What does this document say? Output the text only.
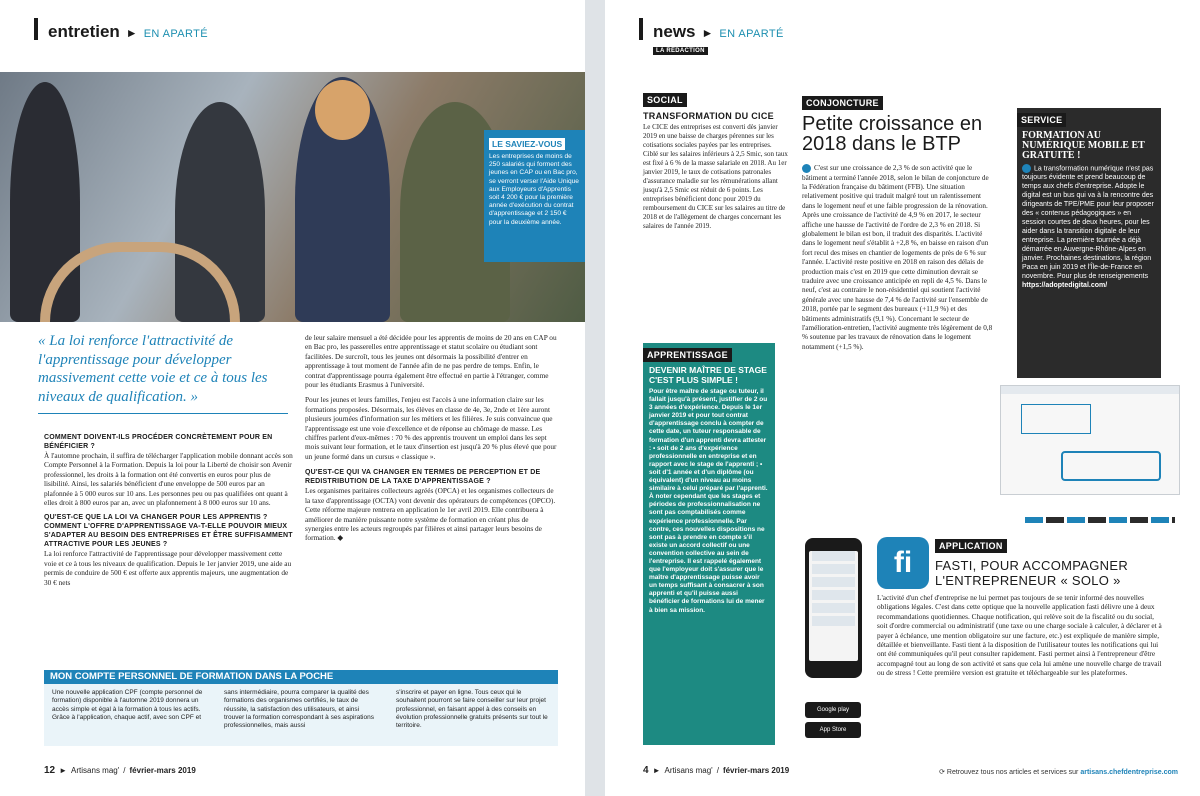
entretien ► EN APARTÉ
LE SAVIEZ-VOUS

Les entreprises de moins de 250 salariés qui forment des jeunes en CAP ou en Bac pro, se verront verser l'Aide Unique aux Employeurs d'Apprentis soit 4 200 € pour la première année d'exécution du contrat d'apprentissage et 2 150 € pour la deuxième année.

« La loi renforce l'attractivité de l'apprentissage pour développer massivement cette voie et ce à tous les niveaux de qualification. »

COMMENT DOIVENT-ILS PROCÉDER CONCRÈTEMENT POUR EN BÉNÉFICIER ?

À l'automne prochain, il suffira de télécharger l'application mobile donnant accès son Compte Personnel à la Formation. Depuis la loi pour la Liberté de choisir son Avenir professionnel, les droits à la formation ont été convertis en euros pour plus de lisibilité. Ainsi, les salariés bénéficient d'une enveloppe de 500 euros par an plafonnée à 5 000 euros sur 10 ans. Les personnes peu ou pas qualifiées ont quant à elles droit à 800 euros par an, avec un plafonnement à 8 000 euros sur 10 ans.

QU'EST-CE QUE LA LOI VA CHANGER POUR LES APPRENTIS ? COMMENT L'OFFRE D'APPRENTISSAGE VA-T-ELLE POUVOIR MIEUX S'ADAPTER AU BESOIN DES ENTREPRISES ET ÊTRE SUFFISAMMENT ATTRACTIVE POUR LES JEUNES ?

La loi renforce l'attractivité de l'apprentissage pour développer massivement cette voie et ce à tous les niveaux de qualification. Depuis le 1er janvier 2019, une aide au permis de conduire de 500 € est offerte aux apprentis majeurs, une augmentation de 30 € nets

de leur salaire mensuel a été décidée pour les apprentis de moins de 20 ans en CAP ou en Bac pro, les passerelles entre apprentissage et statut scolaire ou étudiant sont facilitées. De surcroît, tous les jeunes ont désormais la possibilité d'entrer en apprentissage à tout moment de l'année afin de ne pas perdre de temps. Enfin, le contrat d'apprentissage pourra également être effectué en partie à l'étranger, comme pour les étudiants Erasmus à l'université.

Pour les jeunes et leurs familles, l'enjeu est l'accès à une information claire sur les formations proposées. Désormais, les élèves en classe de 4e, 3e, 2nde et 1ère auront plusieurs journées d'information sur les métiers et les filières. Je suis convaincue que l'apprentissage est une voie d'excellence et de réponse au chômage de masse. Les chiffres parlent d'eux-mêmes : 70 % des apprentis trouvent un emploi dans les sept mois suivant leur formation, et le taux d'insertion est jusqu'à 20 % plus élevé que pour un jeune formé dans un cursus « classique ».

QU'EST-CE QUI VA CHANGER EN TERMES DE PERCEPTION ET DE REDISTRIBUTION DE LA TAXE D'APPRENTISSAGE ?

Les organismes paritaires collecteurs agréés (OPCA) et les organismes collecteurs de la taxe d'apprentissage (OCTA) vont devenir des opérateurs de compétences (OPCO). Cette réforme majeure rentrera en application le 1er avril 2019. Elle contribuera à améliorer de manière puissante notre système de formation en créant plus de synergies entre les acteurs regroupés par filières et ainsi partager leurs besoins de formation. ◆

Une nouvelle application CPF (compte personnel de formation) disponible à l'automne 2019 donnera un accès simple et égal à la formation à tous les actifs. Grâce à l'application, chaque actif, avec son CPF et

sans intermédiaire, pourra comparer la qualité des formations des organismes certifiés, le taux de réussite, la satisfaction des utilisateurs, et ainsi trouver la formation correspondant à ses aspirations professionnelles, mais aussi

s'inscrire et payer en ligne. Tous ceux qui le souhaitent pourront se faire conseiller sur leur projet professionnel, en faisant appel à des conseils en évolution professionnelle gratuits présents sur tout le territoire.

MON COMPTE PERSONNEL DE FORMATION DANS LA POCHE
12 ► Artisans mag' / février-mars 2019
news ► EN APARTÉ
LA RÉDACTION
SOCIAL
TRANSFORMATION DU CICE

Le CICE des entreprises est converti dès janvier 2019 en une baisse de charges pérennes sur les cotisations sociales payées par les entreprises. Ciblé sur les salaires inférieurs à 2,5 Smic, son taux est fixé à 6 % de la masse salariale en 2018. Au 1er janvier 2019, le taux de cotisations patronales d'assurance maladie sur les rémunérations allant jusqu'à 2,5 Smic est réduit de 6 points. Les entreprises bénéficient donc pour 2019 du remboursement du CICE sur les salaires au titre de 2018 et de l'allègement de charges concernant les salaires de l'année 2019.

APPRENTISSAGE
DEVENIR MAÎTRE DE STAGE C'EST PLUS SIMPLE !

Pour être maître de stage ou tuteur, il fallait jusqu'à présent, justifier de 2 ou 3 années d'expérience. Depuis le 1er janvier 2019 et pour tout contrat d'apprentissage conclu à compter de cette date, un tuteur responsable de formation d'un apprenti devra attester : • soit de 2 ans d'expérience professionnelle en entreprise et en rapport avec le stage de l'apprenti ; • soit d'1 année et d'un diplôme (ou équivalent) d'un niveau au moins similaire à celui préparé par l'apprenti. À noter cependant que les stages et périodes de professionnalisation ne sont pas comptabilisés comme expérience professionnelle. Par contre, ces nouvelles dispositions ne sont pas à prendre en compte s'il existe un accord collectif ou une convention collective au sein de l'entreprise. Il est rappelé également que l'employeur doit s'assurer que le maître d'apprentissage puisse avoir un temps suffisant à consacrer à son apprenti et qu'il puisse aussi bénéficier de formations lui de mener à bien sa mission.

CONJONCTURE
Petite croissance en 2018 dans le BTP

C'est sur une croissance de 2,3 % de son activité que le bâtiment a terminé l'année 2018, selon le bilan de conjoncture de la Fédération française du bâtiment (FFB). Une situation relativement positive qui traduit malgré tout un ralentissement dans le logement neuf et une faible progression de la rénovation. Après une croissance de l'activité de 4,9 % en 2017, le secteur affiche une hausse de l'activité de l'ordre de 2,3 % en 2018. Si globalement le bilan est bon, il traduit des disparités. L'activité dans le logement neuf s'établit à +2,8 %, en baisse en raison d'un fort recul des mises en chantier de logements de près de 6 % sur l'année. L'activité reste positive en 2018 en raison des délais de production mais c'est en 2019 que cette diminution devrait se traduire avec une croissance anticipée en repli de 4,5 %. Dans le neuf, c'est au contraire le non-résidentiel qui soutient l'activité générale avec une hausse de 7,4 % de l'activité sur l'ensemble de 2018, portée par le segment des bureaux (+11,9 %) et des bâtiments administratifs (9,1 %). Concernant le secteur de l'amélioration-entretien, l'activité augmente très légèrement de 0,8 % soutenue par les travaux de rénovation dans le logement notamment (+1,5 %).

SERVICE
FORMATION AU NUMÉRIQUE MOBILE ET GRATUITE !

La transformation numérique n'est pas toujours évidente et prend beaucoup de temps aux chefs d'entreprise. Adopte le digital est un bus qui va à la rencontre des dirigeants de TPE/PME pour leur proposer des « contenus pédagogiques » en session courtes de deux heures, pour les aider dans la transition digitale de leur entreprise. La première tournée a déjà démarrée en Auvergne-Rhône-Alpes en janvier. Prochaines destinations, la région Paca en juin 2019 et l'Île-de-France en novembre. Pour plus de renseignements

https://adoptedigital.com/

Google play
App Store
fi	APPLICATION
FASTI, POUR ACCOMPAGNER L'ENTREPRENEUR « SOLO »

L'activité d'un chef d'entreprise ne lui permet pas toujours de se tenir informé des nouvelles obligations légales. C'est dans cette optique que la nouvelle application fasti délivre une à deux recommandations quotidiennes. Chaque notification, qui relève soit de la fiscalité ou du social, soit d'ordre commercial ou administratif (une taxe ou une charge sociale à calculer, à déclarer et à payer à échéance, une mention obligatoire sur une facture, etc.) est expliquée de manière simple, détaillée et bienveillante. Fasti tient à la disposition de l'utilisateur toutes les notifications qui lui ont été communiquées qu'il peut consulter rapidement. Fasti permet ainsi à l'entrepreneur d'être accompagné tout au long de son activité et sans que cela lui amène une nouvelle charge de travail ou de stress ! Cette première version est gratuite et téléchargeable sur les plateformes.

4 ► Artisans mag' / février-mars 2019	⟳ Retrouvez tous nos articles et services sur artisans.chefdentreprise.com
